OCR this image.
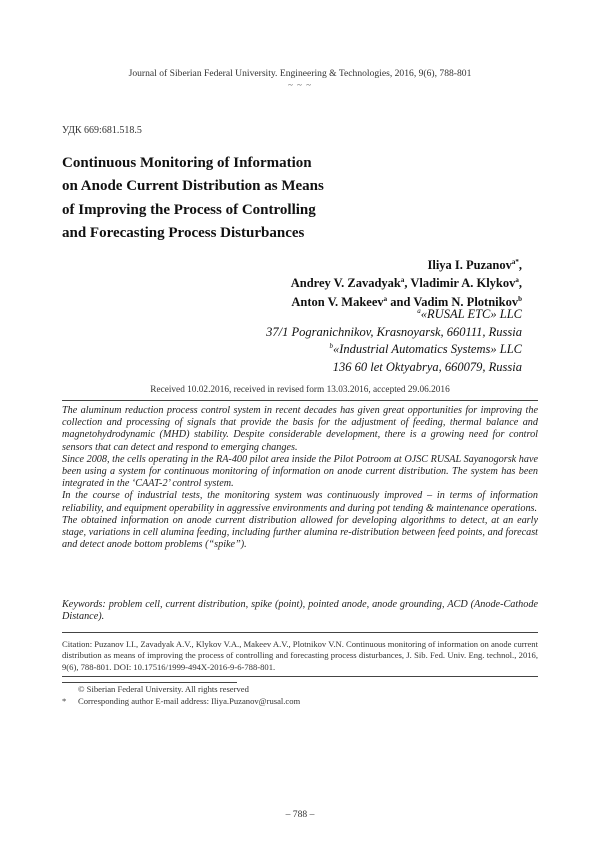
Journal of Siberian Federal University. Engineering & Technologies, 2016, 9(6), 788-801
~ ~ ~
УДК 669:681.518.5
Continuous Monitoring of Information
on Anode Current Distribution as Means
of Improving the Process of Controlling
and Forecasting Process Disturbances
Iliya I. Puzanov$^{a*}$,
Andrey V. Zavadyak$^a$, Vladimir A. Klykov$^a$,
Anton V. Makeev$^a$ and Vadim N. Plotnikov$^b$
$^a$«RUSAL ETC» LLC
37/1 Pogranichnikov, Krasnoyarsk, 660111, Russia
$^b$«Industrial Automatics Systems» LLC
136 60 let Oktyabrya, 660079, Russia
Received 10.02.2016, received in revised form 13.03.2016, accepted 29.06.2016

The aluminum reduction process control system in recent decades has given great opportunities for improving the collection and processing of signals that provide the basis for the adjustment of feeding, thermal balance and magnetohydrodynamic (MHD) stability. Despite considerable development, there is a growing need for control sensors that can detect and respond to emerging changes.

Since 2008, the cells operating in the RA-400 pilot area inside the Pilot Potroom at OJSC RUSAL Sayanogorsk have been using a system for continuous monitoring of information on anode current distribution. The system has been integrated in the ‘CAAT-2’ control system.

In the course of industrial tests, the monitoring system was continuously improved – in terms of information reliability, and equipment operability in aggressive environments and during pot tending & maintenance operations.

The obtained information on anode current distribution allowed for developing algorithms to detect, at an early stage, variations in cell alumina feeding, including further alumina re-distribution between feed points, and forecast and detect anode bottom problems (“spike”).

Keywords: problem cell, current distribution, spike (point), pointed anode, anode grounding, ACD (Anode-Cathode Distance).
Citation: Puzanov I.I., Zavadyak A.V., Klykov V.A., Makeev A.V., Plotnikov V.N. Continuous monitoring of information on anode current distribution as means of improving the process of controlling and forecasting process disturbances, J. Sib. Fed. Univ. Eng. technol., 2016, 9(6), 788-801. DOI: 10.17516/1999-494X-2016-9-6-788-801.
© Siberian Federal University. All rights reserved
*	Corresponding author E-mail address: Iliya.Puzanov@rusal.com
– 788 –
